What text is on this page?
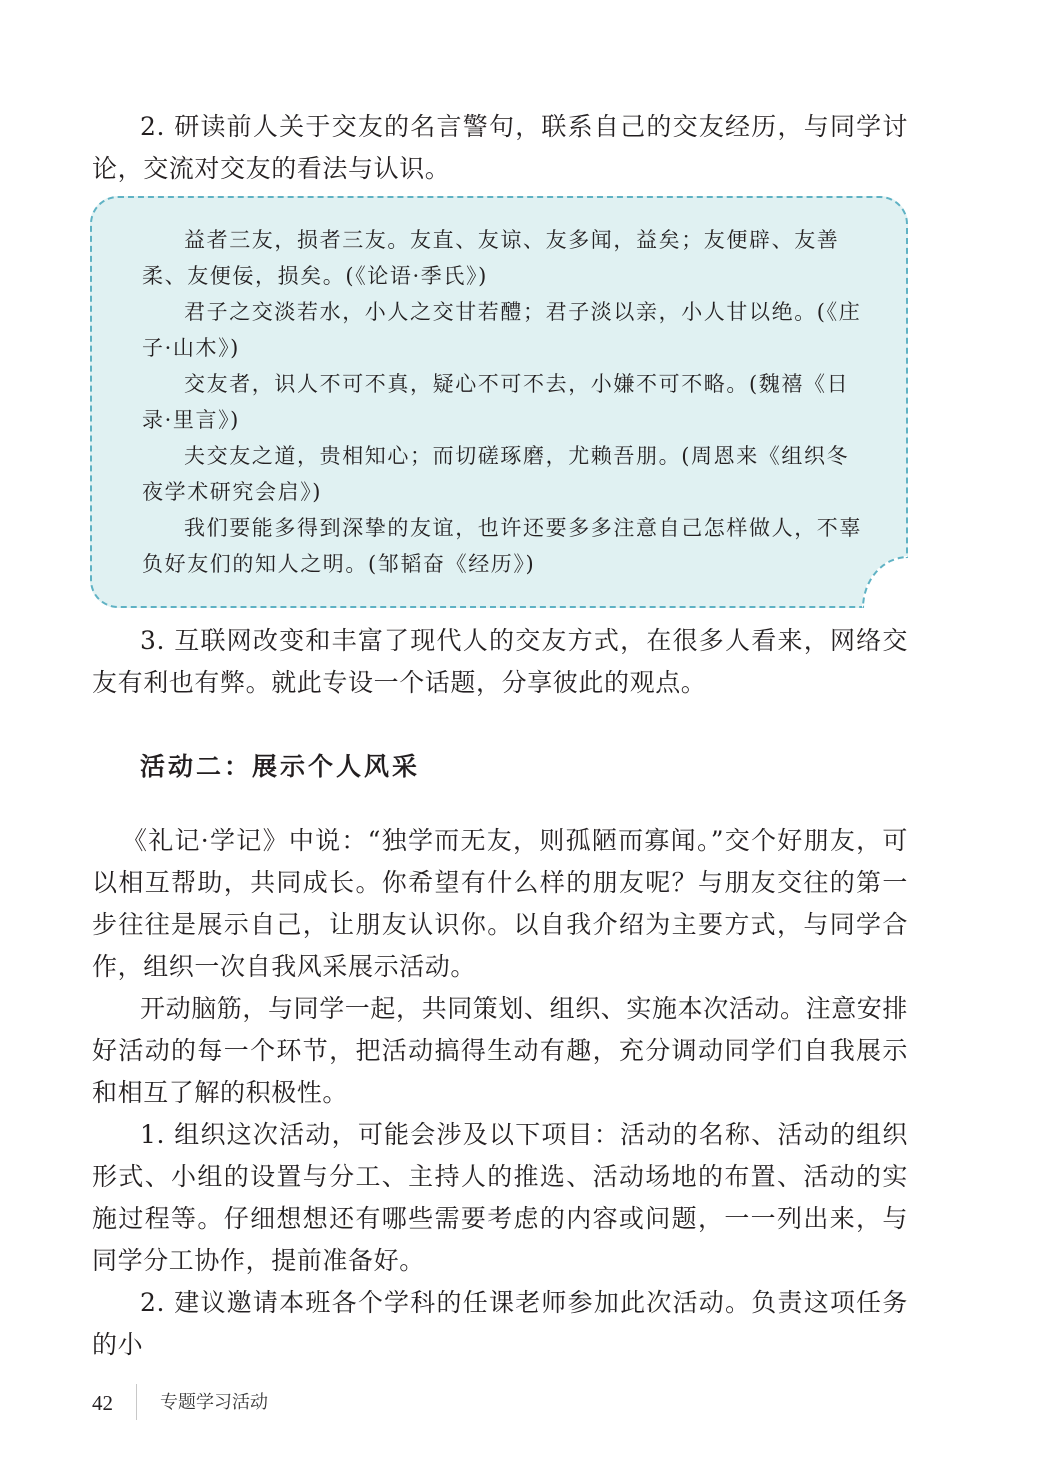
2. 研读前人关于交友的名言警句，联系自己的交友经历，与同学讨论，交流对交友的看法与认识。

益者三友，损者三友。友直、友谅、友多闻，益矣；友便辟、友善柔、友便佞，损矣。(《论语·季氏》)

君子之交淡若水，小人之交甘若醴；君子淡以亲，小人甘以绝。(《庄子·山木》)

交友者，识人不可不真，疑心不可不去，小嫌不可不略。(魏禧《日录·里言》)

夫交友之道，贵相知心；而切磋琢磨，尤赖吾朋。(周恩来《组织冬夜学术研究会启》)

我们要能多得到深挚的友谊，也许还要多多注意自己怎样做人，不辜负好友们的知人之明。(邹韬奋《经历》)

3. 互联网改变和丰富了现代人的交友方式，在很多人看来，网络交友有利也有弊。就此专设一个话题，分享彼此的观点。

活动二：展示个人风采

《礼记·学记》中说：“独学而无友，则孤陋而寡闻。”交个好朋友，可以相互帮助，共同成长。你希望有什么样的朋友呢？与朋友交往的第一步往往是展示自己，让朋友认识你。以自我介绍为主要方式，与同学合作，组织一次自我风采展示活动。

开动脑筋，与同学一起，共同策划、组织、实施本次活动。注意安排好活动的每一个环节，把活动搞得生动有趣，充分调动同学们自我展示和相互了解的积极性。

1. 组织这次活动，可能会涉及以下项目：活动的名称、活动的组织形式、小组的设置与分工、主持人的推选、活动场地的布置、活动的实施过程等。仔细想想还有哪些需要考虑的内容或问题，一一列出来，与同学分工协作，提前准备好。

2. 建议邀请本班各个学科的任课老师参加此次活动。负责这项任务的小

42	专题学习活动
